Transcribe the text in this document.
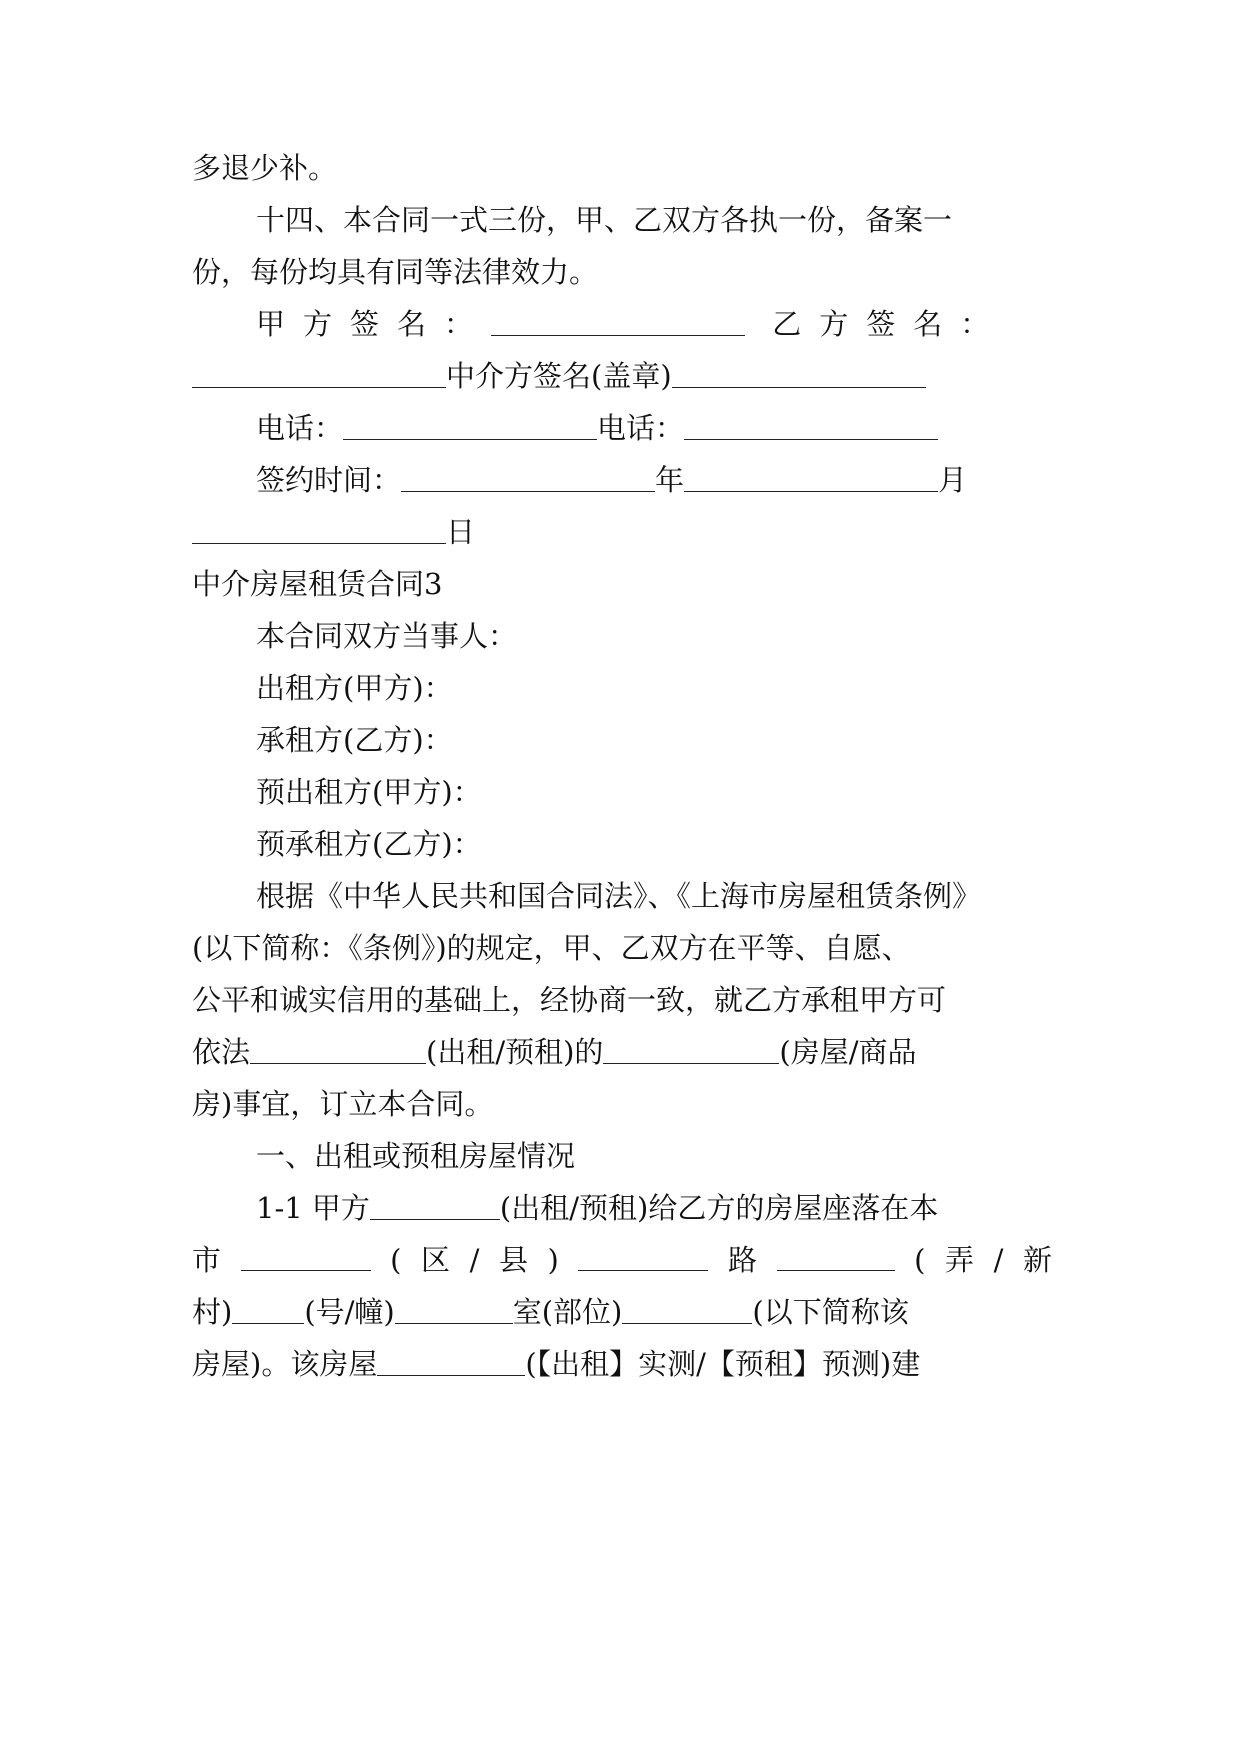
多退少补。
十四、本合同一式三份，甲、乙双方各执一份，备案一
份，每份均具有同等法律效力。
甲方签名：	乙方签名：
中介方签名(盖章)
电话：	电话：
签约时间：	年	月
日
中介房屋租赁合同3
本合同双方当事人：
出租方(甲方)：
承租方(乙方)：
预出租方(甲方)：
预承租方(乙方)：
根据《中华人民共和国合同法》、《上海市房屋租赁条例》
(以下简称：《条例》)的规定，甲、乙双方在平等、自愿、
公平和诚实信用的基础上，经协商一致，就乙方承租甲方可
依法	(出租/预租)的	(房屋/商品
房)事宜，订立本合同。
一、出租或预租房屋情况
1-1 甲方	(出租/预租)给乙方的房屋座落在本
市	( 区 / 县 )	路	( 弄 / 新
村) (号/幢)	室(部位)	(以下简称该
房屋)。该房屋	(【出租】实测/【预租】预测)建
